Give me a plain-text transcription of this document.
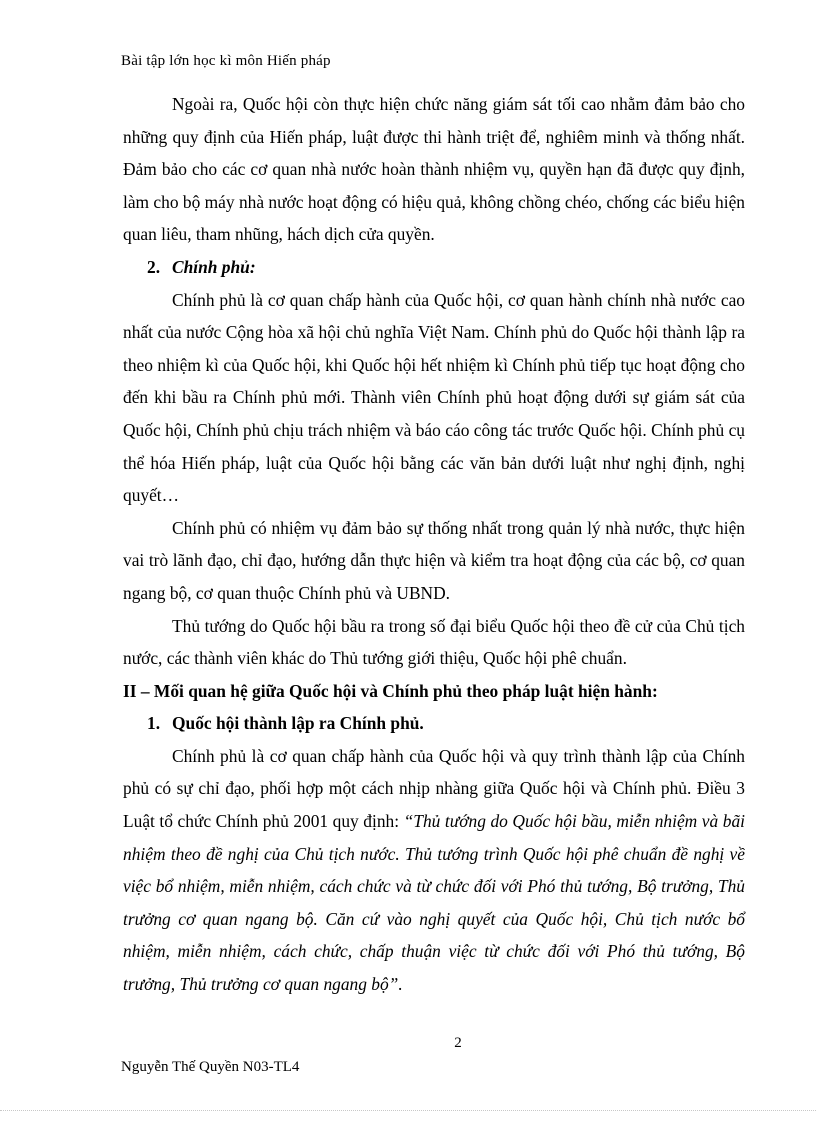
Bài tập lớn học kì môn Hiến pháp

Ngoài ra, Quốc hội còn thực hiện chức năng giám sát tối cao nhằm đảm bảo cho những quy định của Hiến pháp, luật được thi hành triệt để, nghiêm minh và thống nhất. Đảm bảo cho các cơ quan nhà nước hoàn thành nhiệm vụ, quyền hạn đã được quy định, làm cho bộ máy nhà nước hoạt động có hiệu quả, không chồng chéo, chống các biểu hiện quan liêu, tham nhũng, hách dịch cửa quyền.

2. Chính phủ:

Chính phủ là cơ quan chấp hành của Quốc hội, cơ quan hành chính nhà nước cao nhất của nước Cộng hòa xã hội chủ nghĩa Việt Nam. Chính phủ do Quốc hội thành lập ra theo nhiệm kì của Quốc hội, khi Quốc hội hết nhiệm kì Chính phủ tiếp tục hoạt động cho đến khi bầu ra Chính phủ mới. Thành viên Chính phủ hoạt động dưới sự giám sát của Quốc hội, Chính phủ chịu trách nhiệm và báo cáo công tác trước Quốc hội. Chính phủ cụ thể hóa Hiến pháp, luật của Quốc hội bằng các văn bản dưới luật như nghị định, nghị quyết…

Chính phủ có nhiệm vụ đảm bảo sự thống nhất trong quản lý nhà nước, thực hiện vai trò lãnh đạo, chỉ đạo, hướng dẫn thực hiện và kiểm tra hoạt động của các bộ, cơ quan ngang bộ, cơ quan thuộc Chính phủ và UBND.

Thủ tướng do Quốc hội bầu ra trong số đại biểu Quốc hội theo đề cử của Chủ tịch nước, các thành viên khác do Thủ tướng giới thiệu, Quốc hội phê chuẩn.

II – Mối quan hệ giữa Quốc hội và Chính phủ theo pháp luật hiện hành:

1. Quốc hội thành lập ra Chính phủ.

Chính phủ là cơ quan chấp hành của Quốc hội và quy trình thành lập của Chính phủ có sự chỉ đạo, phối hợp một cách nhịp nhàng giữa Quốc hội và Chính phủ. Điều 3 Luật tổ chức Chính phủ 2001 quy định: “Thủ tướng do Quốc hội bầu, miễn nhiệm và bãi nhiệm theo đề nghị của Chủ tịch nước. Thủ tướng trình Quốc hội phê chuẩn đề nghị về việc bổ nhiệm, miễn nhiệm, cách chức và từ chức đối với Phó thủ tướng, Bộ trưởng, Thủ trưởng cơ quan ngang bộ. Căn cứ vào nghị quyết của Quốc hội, Chủ tịch nước bổ nhiệm, miễn nhiệm, cách chức, chấp thuận việc từ chức đối với Phó thủ tướng, Bộ trưởng, Thủ trưởng cơ quan ngang bộ”.

2
Nguyễn Thế Quyền N03-TL4
